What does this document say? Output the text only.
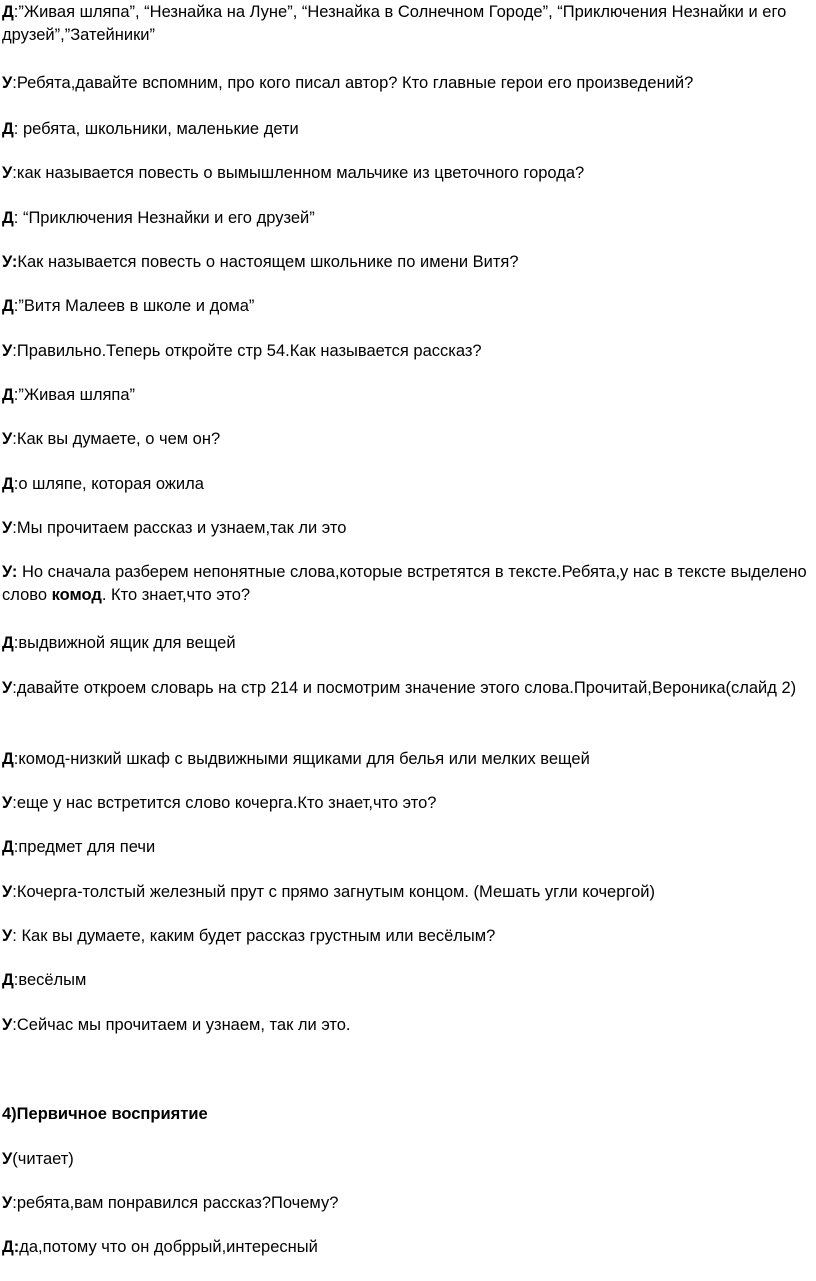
Д:”Живая шляпа”, “Незнайка на Луне”, “Незнайка в Солнечном Городе”, “Приключения Незнайки и его друзей”,”Затейники”
У:Ребята,давайте вспомним, про кого писал автор? Кто главные герои его произведений?
Д: ребята, школьники, маленькие дети
У:как называется повесть о вымышленном мальчике из цветочного города?
Д: “Приключения Незнайки и его друзей”
У:Как называется повесть о настоящем школьнике по имени Витя?
Д:”Витя Малеев в школе и дома”
У:Правильно.Теперь откройте стр 54.Как называется рассказ?
Д:”Живая шляпа”
У:Как вы думаете, о чем он?
Д:о шляпе, которая ожила
У:Мы прочитаем рассказ и узнаем,так ли это
У: Но сначала разберем непонятные слова,которые встретятся в тексте.Ребята,у нас в тексте выделено слово комод. Кто знает,что это?
Д:выдвижной ящик для вещей
У:давайте откроем словарь на стр 214 и посмотрим значение этого слова.Прочитай,Вероника(слайд 2)
Д:комод-низкий шкаф с выдвижными ящиками для белья или мелких вещей
У:еще у нас встретится слово кочерга.Кто знает,что это?
Д:предмет для печи
У:Кочерга-толстый железный прут с прямо загнутым концом. (Мешать угли кочергой)
У: Как вы думаете, каким будет рассказ грустным или весёлым?
Д:весёлым
У:Сейчас мы прочитаем и узнаем, так ли это.
4)Первичное восприятие
У(читает)
У:ребята,вам понравился рассказ?Почему?
Д:да,потому что он добррый,интересный
